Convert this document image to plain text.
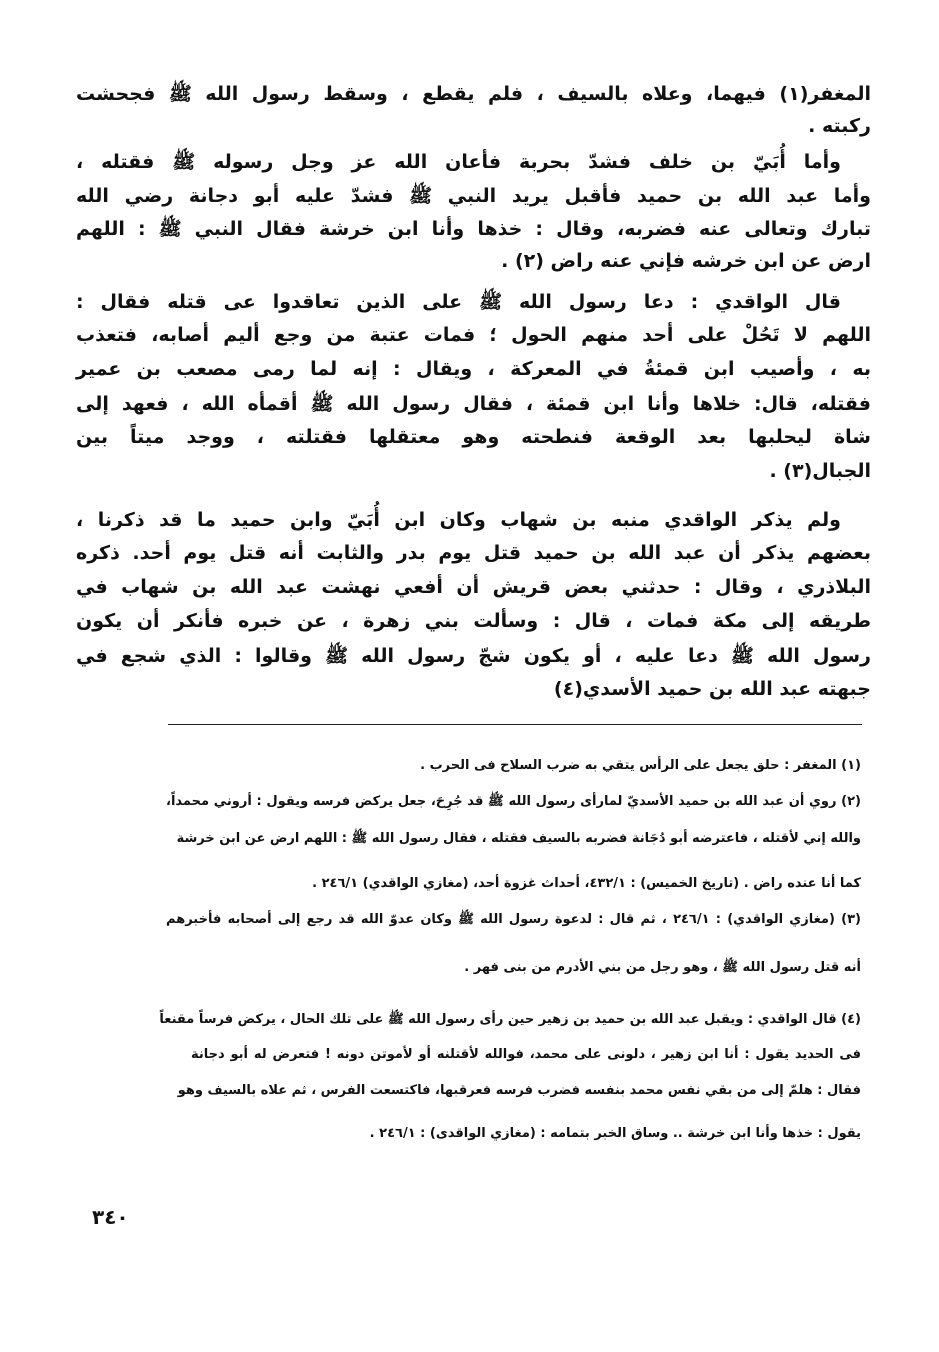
المغفر(١) فيهما، وعلاه بالسيف ، فلم يقطع ، وسقط رسول الله ﷺ فجحشت
ركبته .
وأما أُبَيّ بن خلف فشدّ بحربة فأعان الله عز وجل رسوله ﷺ فقتله ،
وأما عبد الله بن حميد فأقبل يريد النبي ﷺ فشدّ عليه أبو دجانة رضي الله
تبارك وتعالى عنه فضربه، وقال : خذها وأنا ابن خرشة فقال النبي ﷺ : اللهم
ارض عن ابن خرشه فإني عنه راض (٢) .
قال الواقدي : دعا رسول الله ﷺ على الذين تعاقدوا عى قتله فقال :
اللهم لا تَحُلْ على أحد منهم الحول ؛ فمات عتبة من وجع أليم أصابه، فتعذب
به ، وأصيب ابن قمئةُ في المعركة ، ويقال : إنه لما رمى مصعب بن عمير
فقتله، قال: خلاها وأنا ابن قمئة ، فقال رسول الله ﷺ أقمأه الله ، فعهد إلى
شاة ليحلبها بعد الوقعة فنطحته وهو معتقلها فقتلته ، ووجد ميتاً بين
الجبال(٣) .
ولم يذكر الواقدي منبه بن شهاب وكان ابن أُبَيّ وابن حميد ما قد ذكرنا ،
بعضهم يذكر أن عبد الله بن حميد قتل يوم بدر والثابت أنه قتل يوم أحد. ذكره
البلاذري ، وقال : حدثني بعض قريش أن أفعي نهشت عبد الله بن شهاب في
طريقه إلى مكة فمات ، قال : وسألت بني زهرة ، عن خبره فأنكر أن يكون
رسول الله ﷺ دعا عليه ، أو يكون شجّ رسول الله ﷺ وقالوا : الذي شجع في
جبهته عبد الله بن حميد الأسدي(٤)
(١) المغفر : حلق يجعل على الرأس يتقي به ضرب السلاح فى الحرب .
(٢) روي أن عبد الله بن حميد الأسديّ لمارأى رسول الله ﷺ قد جُرِحَ، جعل يركض فرسه ويقول : أروني محمداً،
والله إني لأقتله ، فاعترضه أبو دُجَانة فضربه بالسيف فقتله ، فقال رسول الله ﷺ : اللهم ارض عن ابن خرشة
كما أنا عنده راض . (تاريخ الخميس) : ٤٣٢/١، أحداث غزوة أحد، (مغازي الواقدي) ٢٤٦/١ .
(٣) (مغازي الواقدي) : ٢٤٦/١ ، ثم قال : لدعوة رسول الله ﷺ وكان عدوّ الله قد رجع إلى أصحابه فأخبرهم
أنه قتل رسول الله ﷺ ، وهو رجل من بني الأدرم من بنى فهر .
(٤) قال الواقدي : ويقبل عبد الله بن حميد بن زهير حين رأى رسول الله ﷺ على تلك الحال ، يركض فرساً مقنعاً
فى الحديد يقول : أنا ابن زهير ، دلونى على محمد، فوالله لأقتلنه أو لأموتن دونه ! فتعرض له أبو دجانة
فقال : هلمّ إلى من بقي نفس محمد بنفسه فضرب فرسه فعرقبها، فاكتسعت الفرس ، ثم علاه بالسيف وهو
يقول : خذها وأنا ابن خرشة .. وساق الخبر بتمامه : (مغازي الواقدى) : ٢٤٦/١ .
٣٤٠
